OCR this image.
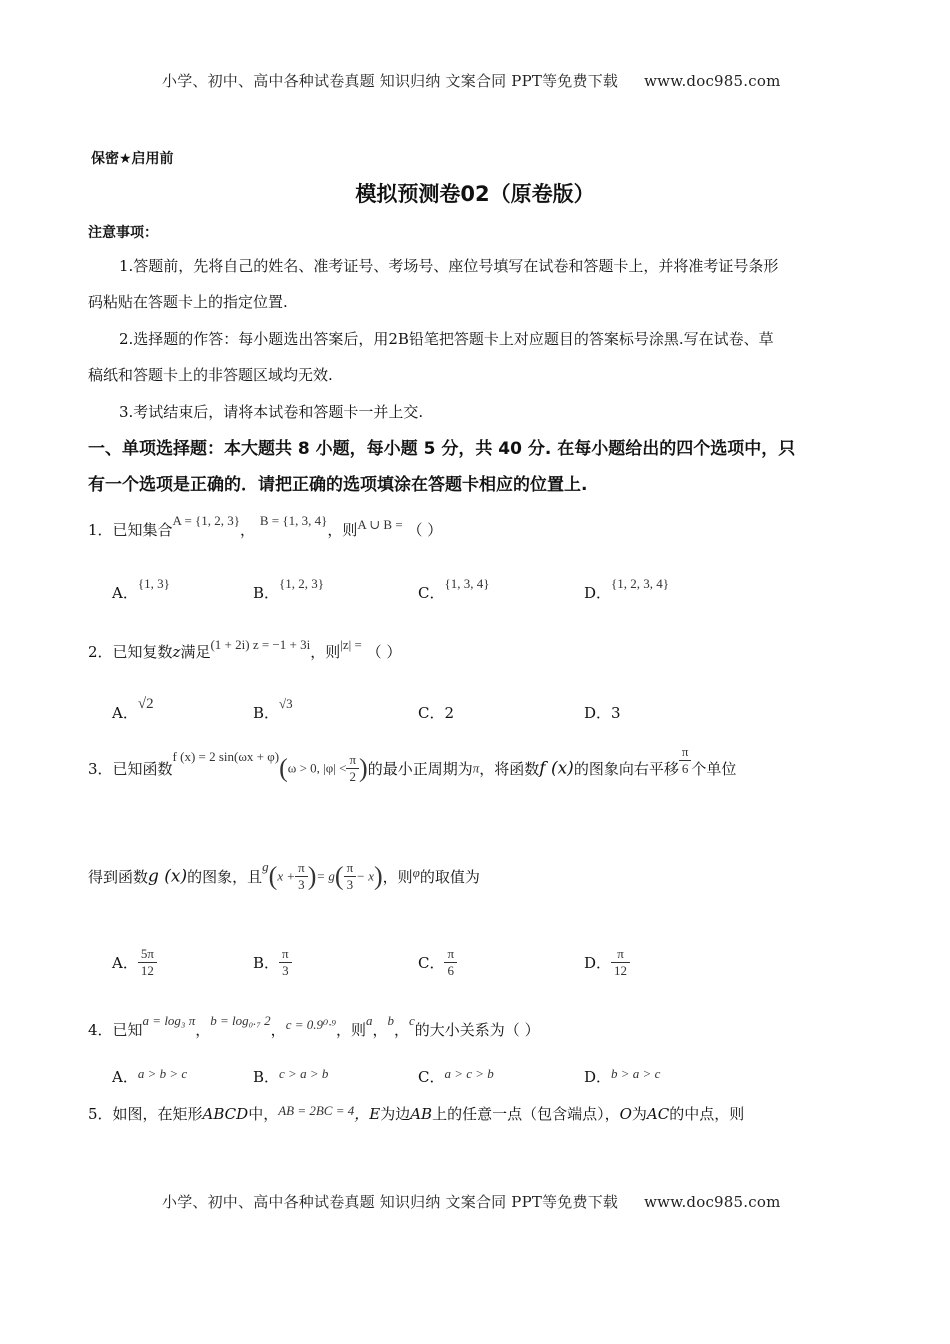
小学、初中、高中各种试卷真题 知识归纳 文案合同 PPT等免费下载 www.doc985.com
保密★启用前
模拟预测卷02（原卷版）
注意事项：
1.答题前，先将自己的姓名、准考证号、考场号、座位号填写在试卷和答题卡上，并将准考证号条形
码粘贴在答题卡上的指定位置.
2.选择题的作答：每小题选出答案后，用2B铅笔把答题卡上对应题目的答案标号涂黑.写在试卷、草
稿纸和答题卡上的非答题区域均无效.
3.考试结束后，请将本试卷和答题卡一并上交.
一、单项选择题：本大题共 8 小题，每小题 5 分，共 40 分. 在每小题给出的四个选项中，只
有一个选项是正确的．请把正确的选项填涂在答题卡相应的位置上.
1．已知集合A = {1, 2, 3}， B = {1, 3, 4}，则A ∪ B = （ ）
A．{1, 3}
B．{1, 2, 3}
C．{1, 3, 4}
D．{1, 2, 3, 4}
2．已知复数z满足(1 + 2i) z = −1 + 3i，则|z| = （ ）
A．√2	B．√3
C．2	D．3
3．已知函数f (x) = 2 sin(ωx + φ)(ω > 0, $|\varphi| < \frac{\pi}{2}$ )的最小正周期为π，将函数f (x)的图象向右平移 $\frac{\pi}{6}$ 个单位
得到函数g (x)的图象，且$g(x + \frac{\pi}{3}$ )= $g( \frac{\pi}{3} - x)$，则φ的取值为
A． $\frac{5\pi}{12}$	B． $\frac{\pi}{3}$	C． $\frac{\pi}{6}$	D． $\frac{\pi}{12}$
4．已知a = log₃ π，b = log₀.₇ 2，c = 0.9⁰·⁹，则a，b，c的大小关系为（ ）
A．a > b > c	B．c > a > b	C．a > c > b	D．b > a > c
5．如图，在矩形ABCD中，AB = 2BC = 4，E为边AB上的任意一点（包含端点），O为AC的中点，则
小学、初中、高中各种试卷真题 知识归纳 文案合同 PPT等免费下载 www.doc985.com
